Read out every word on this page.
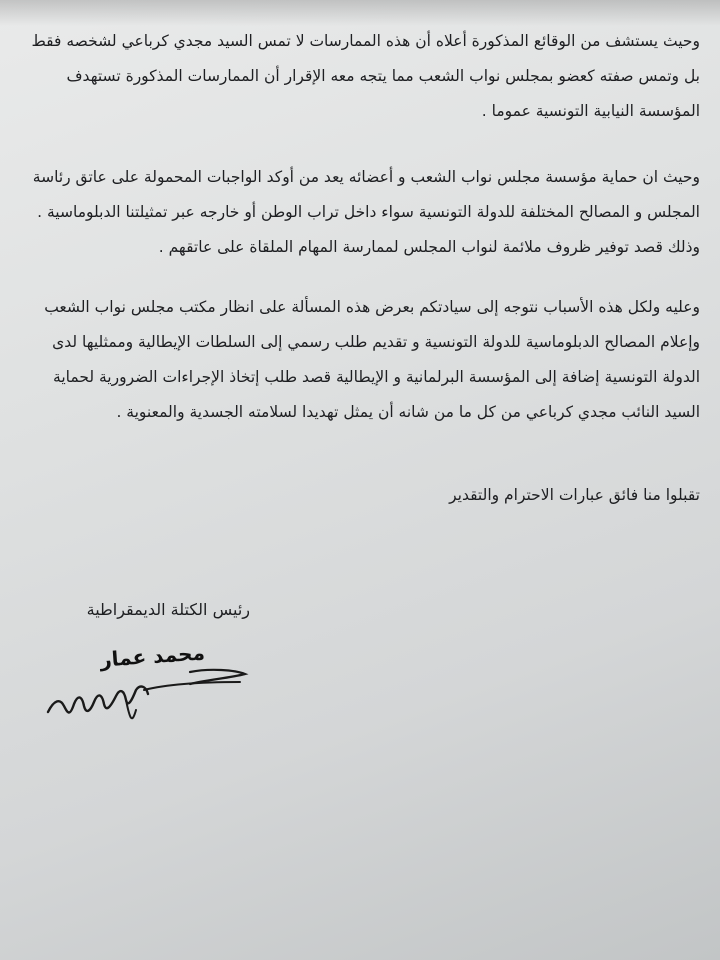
وحيث يستشف من الوقائع المذكورة أعلاه أن هذه الممارسات لا تمس السيد مجدي كرباعي لشخصه فقط بل وتمس صفته كعضو بمجلس نواب الشعب مما يتجه معه الإقرار أن الممارسات المذكورة تستهدف المؤسسة النيابية التونسية عموما .

وحيث ان حماية مؤسسة مجلس نواب الشعب و أعضائه يعد من أوكد الواجبات المحمولة على عاتق رئاسة المجلس و المصالح المختلفة للدولة التونسية سواء داخل تراب الوطن أو خارجه عبر تمثيلتنا الدبلوماسية . وذلك قصد توفير ظروف ملائمة لنواب المجلس لممارسة المهام الملقاة على عاتقهم .

وعليه ولكل هذه الأسباب نتوجه إلى سيادتكم بعرض هذه المسألة على انظار مكتب مجلس نواب الشعب وإعلام المصالح الدبلوماسية للدولة التونسية و تقديم طلب رسمي إلى السلطات الإيطالية وممثليها لدى الدولة التونسية إضافة إلى المؤسسة البرلمانية و الإيطالية قصد طلب إتخاذ الإجراءات الضرورية لحماية السيد النائب مجدي كرباعي من كل ما من شانه أن يمثل تهديدا لسلامته الجسدية والمعنوية .

تقبلوا منا فائق عبارات الاحترام والتقدير

رئيس الكتلة الديمقراطية
محمد عمار
